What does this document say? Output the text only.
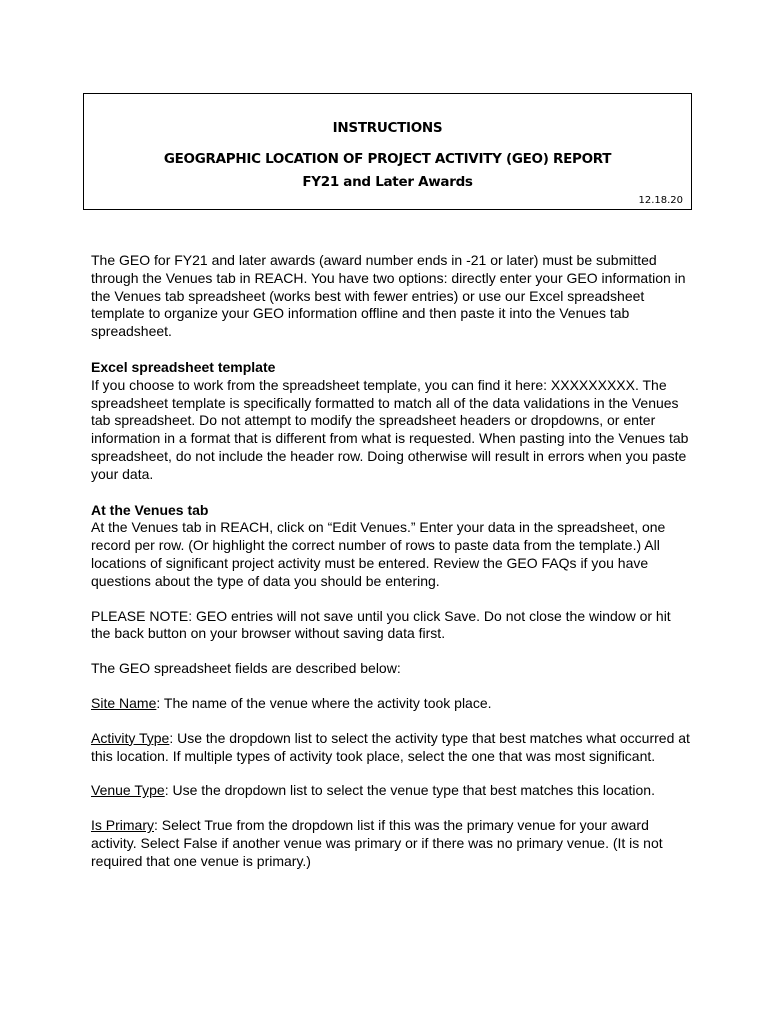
INSTRUCTIONS
GEOGRAPHIC LOCATION OF PROJECT ACTIVITY (GEO) REPORT
FY21 and Later Awards
12.18.20

The GEO for FY21 and later awards (award number ends in -21 or later) must be submitted through the Venues tab in REACH. You have two options: directly enter your GEO information in the Venues tab spreadsheet (works best with fewer entries) or use our Excel spreadsheet template to organize your GEO information offline and then paste it into the Venues tab spreadsheet.

Excel spreadsheet template

If you choose to work from the spreadsheet template, you can find it here: XXXXXXXXX. The spreadsheet template is specifically formatted to match all of the data validations in the Venues tab spreadsheet. Do not attempt to modify the spreadsheet headers or dropdowns, or enter information in a format that is different from what is requested. When pasting into the Venues tab spreadsheet, do not include the header row. Doing otherwise will result in errors when you paste your data.

At the Venues tab

At the Venues tab in REACH, click on “Edit Venues.” Enter your data in the spreadsheet, one record per row. (Or highlight the correct number of rows to paste data from the template.) All locations of significant project activity must be entered. Review the GEO FAQs if you have questions about the type of data you should be entering.

PLEASE NOTE: GEO entries will not save until you click Save. Do not close the window or hit the back button on your browser without saving data first.

The GEO spreadsheet fields are described below:

Site Name: The name of the venue where the activity took place.

Activity Type: Use the dropdown list to select the activity type that best matches what occurred at this location. If multiple types of activity took place, select the one that was most significant.

Venue Type: Use the dropdown list to select the venue type that best matches this location.

Is Primary: Select True from the dropdown list if this was the primary venue for your award activity. Select False if another venue was primary or if there was no primary venue. (It is not required that one venue is primary.)
